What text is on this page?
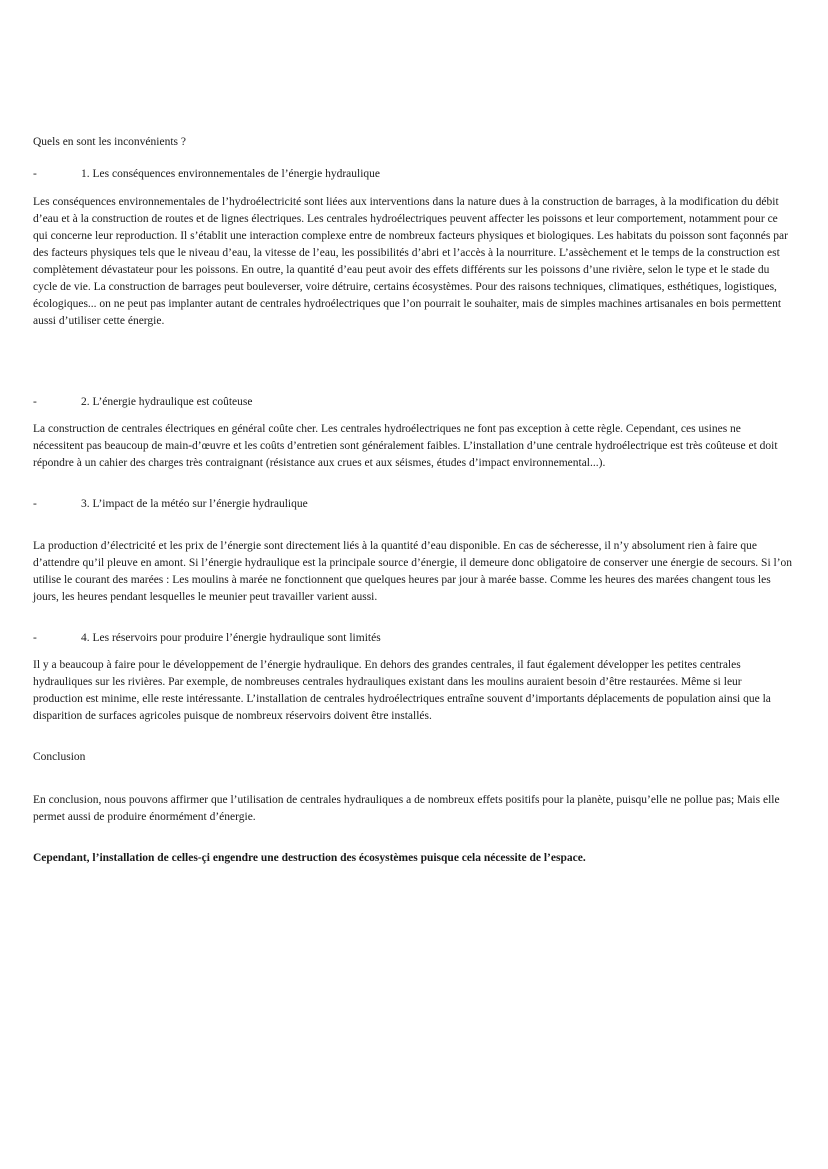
Quels en sont les inconvénients ?

-	1. Les conséquences environnementales de l’énergie hydraulique

Les conséquences environnementales de l’hydroélectricité sont liées aux interventions dans la nature dues à la construction de barrages, à la modification du débit d’eau et à la construction de routes et de lignes électriques. Les centrales hydroélectriques peuvent affecter les poissons et leur comportement, notamment pour ce qui concerne leur reproduction. Il s’établit une interaction complexe entre de nombreux facteurs physiques et biologiques. Les habitats du poisson sont façonnés par des facteurs physiques tels que le niveau d’eau, la vitesse de l’eau, les possibilités d’abri et l’accès à la nourriture. L’assèchement et le temps de la construction est complètement dévastateur pour les poissons. En outre, la quantité d’eau peut avoir des effets différents sur les poissons d’une rivière, selon le type et le stade du cycle de vie. La construction de barrages peut bouleverser, voire détruire, certains écosystèmes. Pour des raisons techniques, climatiques, esthétiques, logistiques, écologiques... on ne peut pas implanter autant de centrales hydroélectriques que l’on pourrait le souhaiter, mais de simples machines artisanales en bois permettent aussi d’utiliser cette énergie.

-	2. L’énergie hydraulique est coûteuse

La construction de centrales électriques en général coûte cher. Les centrales hydroélectriques ne font pas exception à cette règle. Cependant, ces usines ne nécessitent pas beaucoup de main-d’œuvre et les coûts d’entretien sont généralement faibles. L’installation d’une centrale hydroélectrique est très coûteuse et doit répondre à un cahier des charges très contraignant (résistance aux crues et aux séismes, études d’impact environnemental...).

-	3. L’impact de la météo sur l’énergie hydraulique

La production d’électricité et les prix de l’énergie sont directement liés à la quantité d’eau disponible. En cas de sécheresse, il n’y absolument rien à faire que d’attendre qu’il pleuve en amont. Si l’énergie hydraulique est la principale source d’énergie, il demeure donc obligatoire de conserver une énergie de secours. Si l’on utilise le courant des marées : Les moulins à marée ne fonctionnent que quelques heures par jour à marée basse. Comme les heures des marées changent tous les jours, les heures pendant lesquelles le meunier peut travailler varient aussi.

-	4. Les réservoirs pour produire l’énergie hydraulique sont limités

Il y a beaucoup à faire pour le développement de l’énergie hydraulique. En dehors des grandes centrales, il faut également développer les petites centrales hydrauliques sur les rivières. Par exemple, de nombreuses centrales hydrauliques existant dans les moulins auraient besoin d’être restaurées. Même si leur production est minime, elle reste intéressante. L’installation de centrales hydroélectriques entraîne souvent d’importants déplacements de population ainsi que la disparition de surfaces agricoles puisque de nombreux réservoirs doivent être installés.

Conclusion

En conclusion, nous pouvons affirmer que l’utilisation de centrales hydrauliques a de nombreux effets positifs pour la planète, puisqu’elle ne pollue pas; Mais elle permet aussi de produire énormément d’énergie.

Cependant, l’installation de celles-çi engendre une destruction des écosystèmes puisque cela nécessite de l’espace.
